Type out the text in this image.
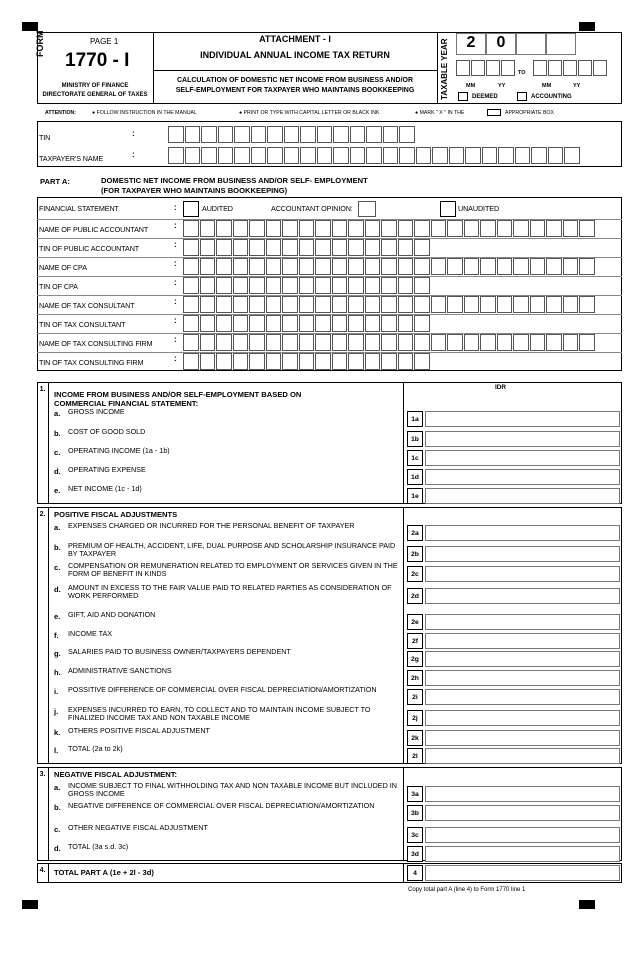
FORM	PAGE 1
1770 - I
MINISTRY OF FINANCE
DIRECTORATE GENERAL OF TAXES
ATTACHMENT - I
INDIVIDUAL ANNUAL INCOME TAX RETURN
CALCULATION OF DOMESTIC NET INCOME FROM BUSINESS AND/OR
SELF-EMPLOYMENT FOR TAXPAYER WHO MAINTAINS BOOKKEEPING	TAXABLE YEAR	2	0
TO
MM	YY	MM	YY
DEEMED	ACCOUNTING
ATTENTION:	● FOLLOW INSTRUCTION IN THE MANUAL	● PRINT OR TYPE WITH CAPITAL LETTER OR BLACK INK	● MARK " X " IN THE	APPROPRIATE BOX
TIN	:
TAXPAYER'S NAME	:
PART A:	DOMESTIC NET INCOME FROM BUSINESS AND/OR SELF- EMPLOYMENT
(FOR TAXPAYER WHO MAINTAINS BOOKKEEPING)
FINANCIAL STATEMENT	:	AUDITED	ACCOUNTANT OPINION:	UNAUDITED
NAME OF PUBLIC ACCOUNTANT	:
TIN OF PUBLIC ACCOUNTANT	:
NAME OF CPA	:
TIN OF CPA	:
NAME OF TAX CONSULTANT	:
TIN OF TAX CONSULTANT	:
NAME OF TAX CONSULTING FIRM	:
TIN OF TAX CONSULTING FIRM	:
1.	IDR
INCOME FROM BUSINESS AND/OR SELF-EMPLOYMENT BASED ON
COMMERCIAL FINANCIAL STATEMENT:
a.	GROSS INCOME
1a
b.	COST OF GOOD SOLD
1b
c.	OPERATING INCOME (1a - 1b)
1c
d.	OPERATING EXPENSE
1d
e.	NET INCOME (1c - 1d)
1e
2.	POSITIVE FISCAL ADJUSTMENTS
a.	EXPENSES CHARGED OR INCURRED FOR THE PERSONAL BENEFIT OF TAXPAYER
2a
b.	PREMIUM OF HEALTH, ACCIDENT, LIFE, DUAL PURPOSE AND SCHOLARSHIP INSURANCE PAID
BY TAXPAYER	2b
c.	COMPENSATION OR REMUNERATION RELATED TO EMPLOYMENT OR SERVICES GIVEN IN THE
FORM OF BENEFIT IN KINDS	2c
d.	AMOUNT IN EXCESS TO THE FAIR VALUE PAID TO RELATED PARTIES AS CONSIDERATION OF
WORK PERFORMED	2d
e.	GIFT, AID AND DONATION
2e
f.	INCOME TAX
2f
g.	SALARIES PAID TO BUSINESS OWNER/TAXPAYERS DEPENDENT
2g
h.	ADMINISTRATIVE SANCTIONS
2h
i.	POSSITIVE DIFFERENCE OF COMMERCIAL OVER FISCAL DEPRECIATION/AMORTIZATION
2i
j.	EXPENSES INCURRED TO EARN, TO COLLECT AND TO MAINTAIN INCOME SUBJECT TO
FINALIZED INCOME TAX AND NON TAXABLE INCOME	2j
k.	OTHERS POSITIVE FISCAL ADJUSTMENT
2k
l.	TOTAL (2a to 2k)
2l
3.	NEGATIVE FISCAL ADJUSTMENT:
a.	INCOME SUBJECT TO FINAL WITHHOLDING TAX AND NON TAXABLE INCOME BUT INCLUDED IN
GROSS INCOME	3a
b.	NEGATIVE DIFFERENCE OF COMMERCIAL OVER FISCAL DEPRECIATION/AMORTIZATION
3b
c.	OTHER NEGATIVE FISCAL ADJUSTMENT
3c
d.	TOTAL (3a s.d. 3c)
3d
4.	TOTAL PART A (1e + 2l - 3d)	4
Copy total part A (line 4) to Form 1770 line 1
